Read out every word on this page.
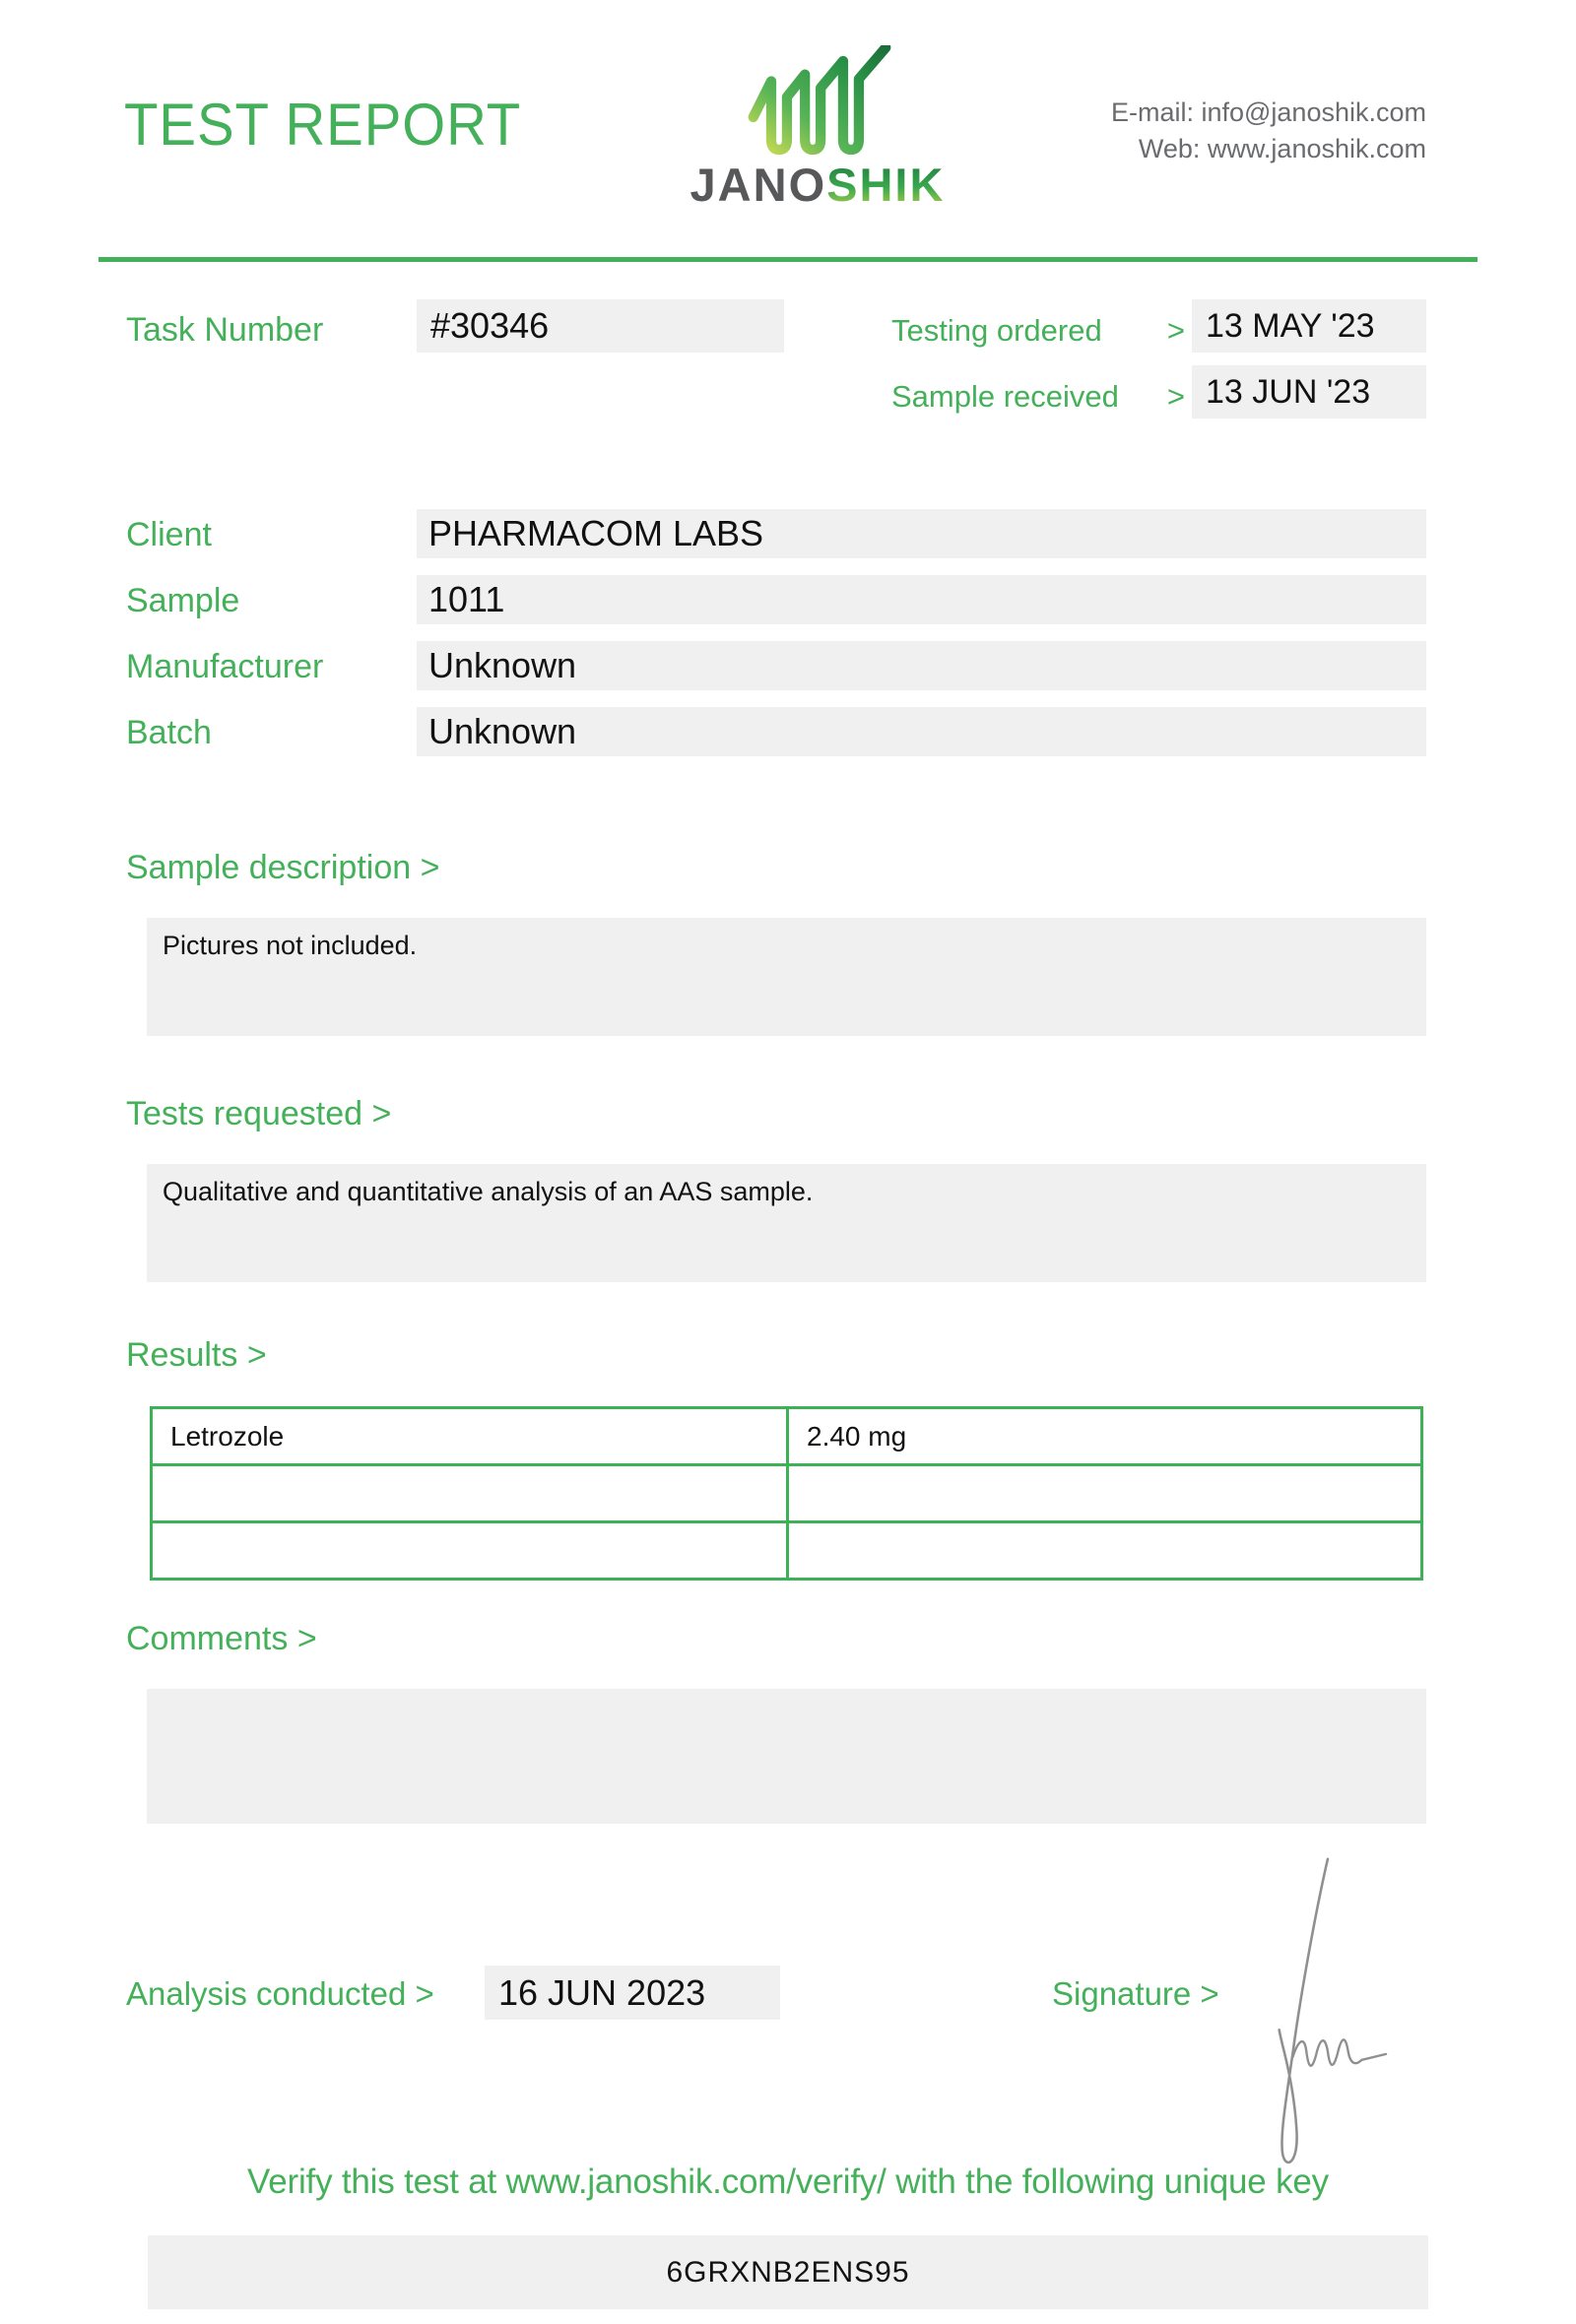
TEST REPORT
JANOSHIK
E-mail: info@janoshik.com
Web: www.janoshik.com
Task Number	#30346	Testing ordered > 13 MAY '23
Sample received > 13 JUN '23
Client	PHARMACOM LABS
Sample	1011
Manufacturer	Unknown
Batch	Unknown
Sample description >
Pictures not included.
Tests requested >
Qualitative and quantitative analysis of an AAS sample.
Results >
Letrozole	2.40 mg

Comments >
Analysis conducted >	16 JUN 2023	Signature >
Verify this test at www.janoshik.com/verify/ with the following unique key
6GRXNB2ENS95
